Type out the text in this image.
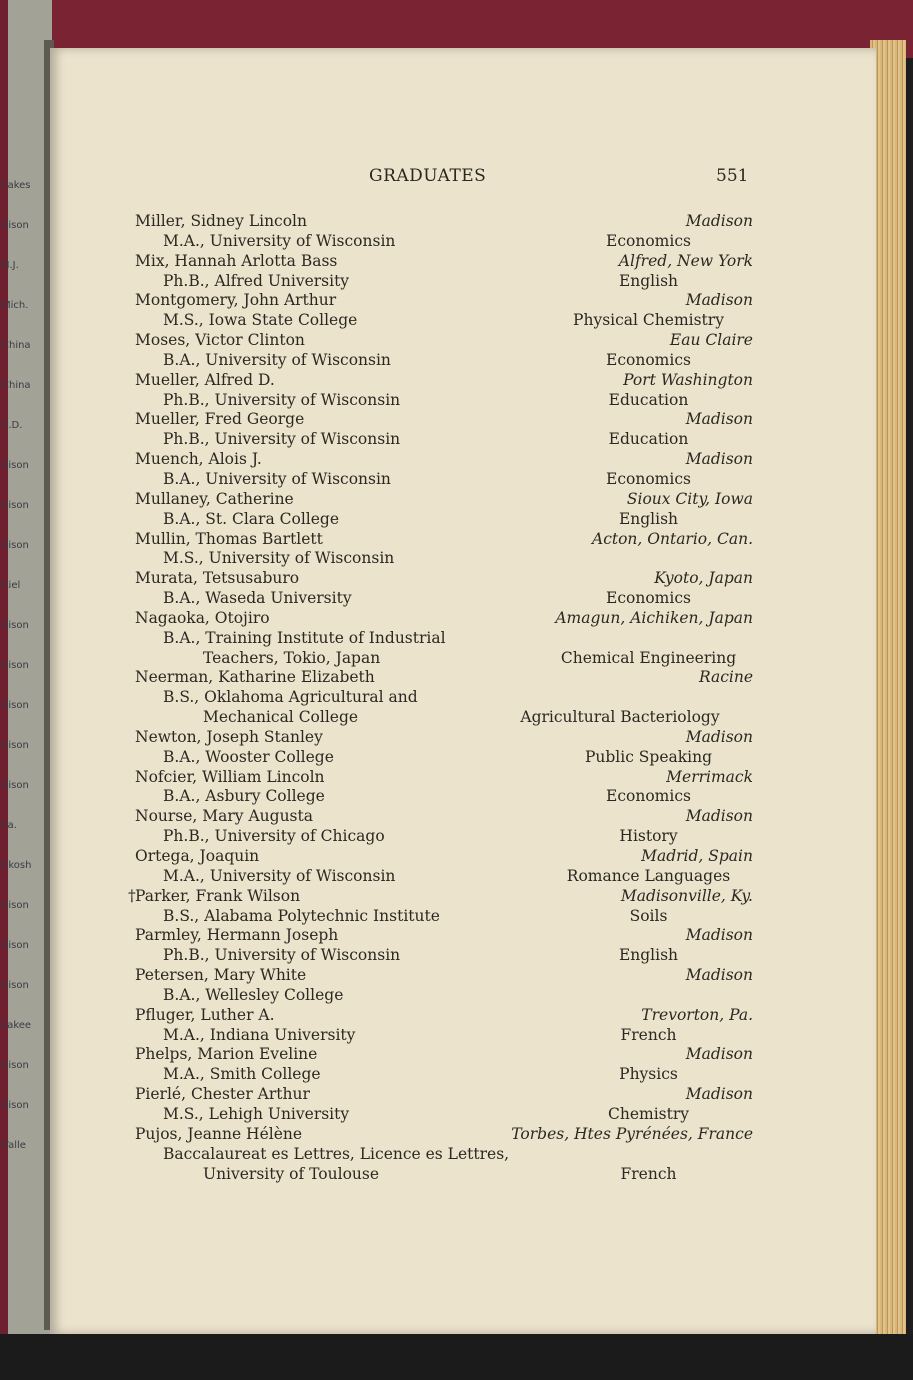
Lakes
dison
N.J.
Mich.
China
China
S.D.
dison
dison
dison
Kiel
dison
dison
dison
dison
dison
Pa.
hkosh
dison
dison
dison
sakee
dison
dison
Valle
GRADUATES	551
Miller, Sidney Lincoln	Madison
M.A., University of Wisconsin	Economics
Mix, Hannah Arlotta Bass	Alfred, New York
Ph.B., Alfred University	English
Montgomery, John Arthur	Madison
M.S., Iowa State College	Physical Chemistry
Moses, Victor Clinton	Eau Claire
B.A., University of Wisconsin	Economics
Mueller, Alfred D.	Port Washington
Ph.B., University of Wisconsin	Education
Mueller, Fred George	Madison
Ph.B., University of Wisconsin	Education
Muench, Alois J.	Madison
B.A., University of Wisconsin	Economics
Mullaney, Catherine	Sioux City, Iowa
B.A., St. Clara College	English
Mullin, Thomas Bartlett	Acton, Ontario, Can.
M.S., University of Wisconsin
Murata, Tetsusaburo	Kyoto, Japan
B.A., Waseda University	Economics
Nagaoka, Otojiro	Amagun, Aichiken, Japan
B.A., Training Institute of Industrial
Teachers, Tokio, Japan	Chemical Engineering
Neerman, Katharine Elizabeth	Racine
B.S., Oklahoma Agricultural and
Mechanical College	Agricultural Bacteriology
Newton, Joseph Stanley	Madison
B.A., Wooster College	Public Speaking
Nofcier, William Lincoln	Merrimack
B.A., Asbury College	Economics
Nourse, Mary Augusta	Madison
Ph.B., University of Chicago	History
Ortega, Joaquin	Madrid, Spain
M.A., University of Wisconsin	Romance Languages
† Parker, Frank Wilson	Madisonville, Ky.
B.S., Alabama Polytechnic Institute	Soils
Parmley, Hermann Joseph	Madison
Ph.B., University of Wisconsin	English
Petersen, Mary White	Madison
B.A., Wellesley College
Pfluger, Luther A.	Trevorton, Pa.
M.A., Indiana University	French
Phelps, Marion Eveline	Madison
M.A., Smith College	Physics
Pierlé, Chester Arthur	Madison
M.S., Lehigh University	Chemistry
Pujos, Jeanne Hélène	Torbes, Htes Pyrénées, France
Baccalaureat es Lettres, Licence es Lettres,
University of Toulouse	French
